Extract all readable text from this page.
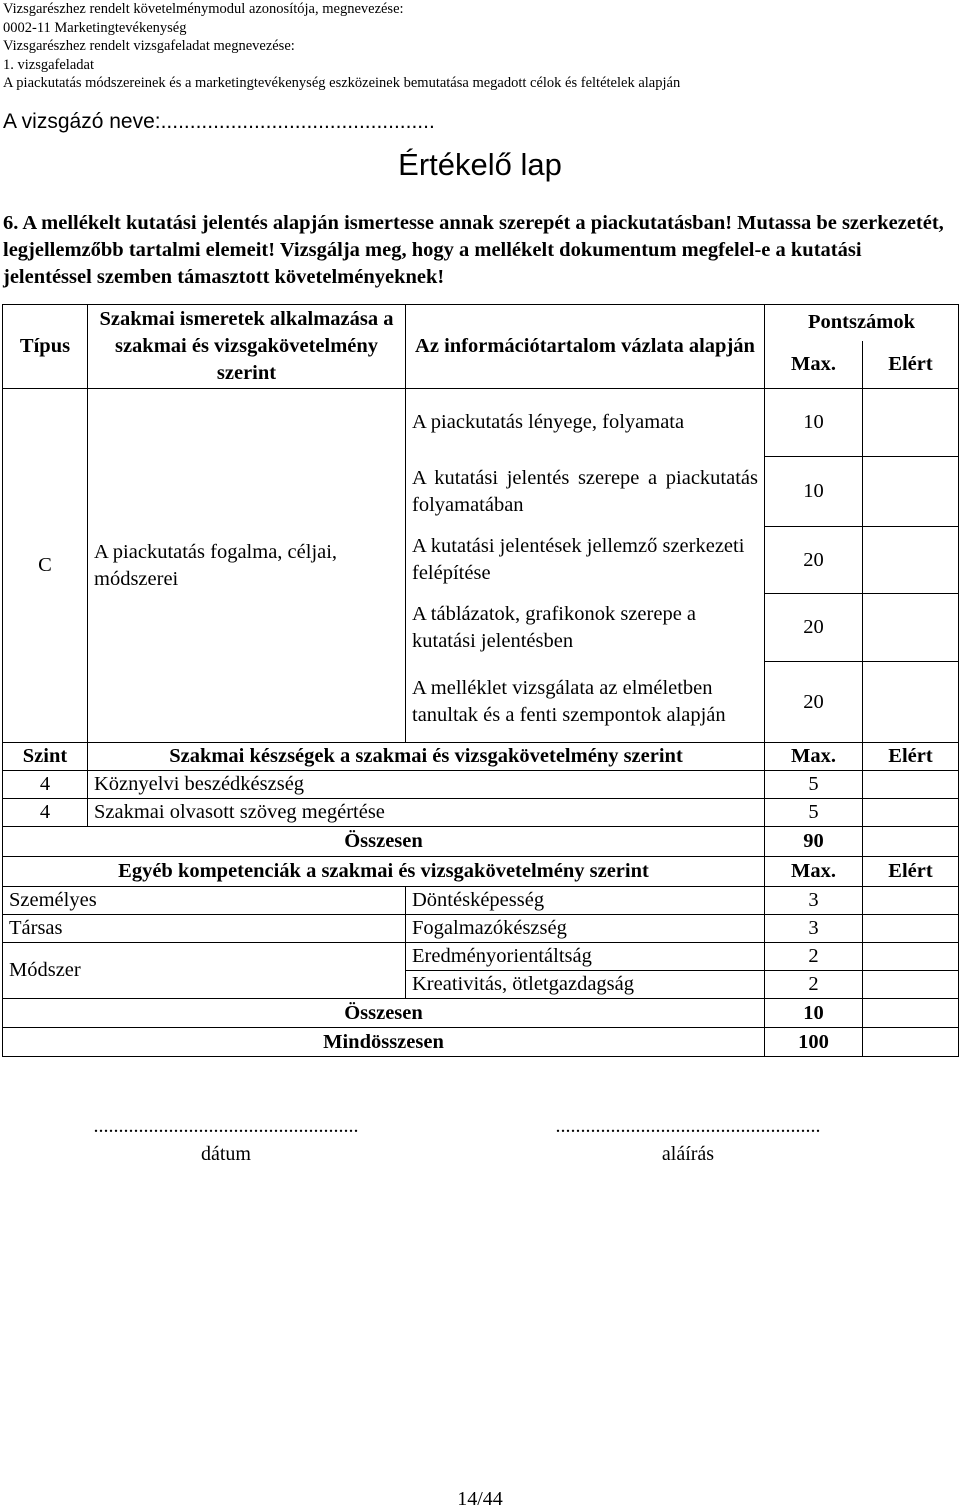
Vizsgarészhez rendelt követelménymodul azonosítója, megnevezése:
0002-11 Marketingtevékenység
Vizsgarészhez rendelt vizsgafeladat megnevezése:
1. vizsgafeladat
A piackutatás módszereinek és a marketingtevékenység eszközeinek bemutatása megadott célok és feltételek alapján
A vizsgázó neve:...............................................
Értékelő lap
6. A mellékelt kutatási jelentés alapján ismertesse annak szerepét a piackutatásban! Mutassa be szerkezetét, legjellemzőbb tartalmi elemeit! Vizsgálja meg, hogy a mellékelt dokumentum megfelel-e a kutatási jelentéssel szemben támasztott követelményeknek!
Típus	Szakmai ismeretek alkalmazása a szakmai és vizsgakövetelmény szerint	Az információtartalom vázlata alapján	Pontszámok	
			Max.	Elért
C	A piackutatás fogalma, céljai, módszerei	A piackutatás lényege, folyamata	10	
		A kutatási jelentés szerepe a piackutatás folyamatában	10	
		A kutatási jelentések jellemző szerkezeti felépítése	20	
		A táblázatok, grafikonok szerepe a kutatási jelentésben	20	
		A melléklet vizsgálata az elméletben tanultak és a fenti szempontok alapján	20	
Szint	Szakmai készségek a szakmai és vizsgakövetelmény szerint		Max.	Elért
4	Köznyelvi beszédkészség		5	
4	Szakmai olvasott szöveg megértése		5	
Összesen			90	
Egyéb kompetenciák a szakmai és vizsgakövetelmény szerint			Max.	Elért
Személyes		Döntésképesség	3	
Társas		Fogalmazókészség	3	
Módszer		Eredményorientáltság	2	
		Kreativitás, ötletgazdagság	2	
Összesen			10	
Mindösszesen			100	
.....................................................
dátum
.....................................................
aláírás
14/44
